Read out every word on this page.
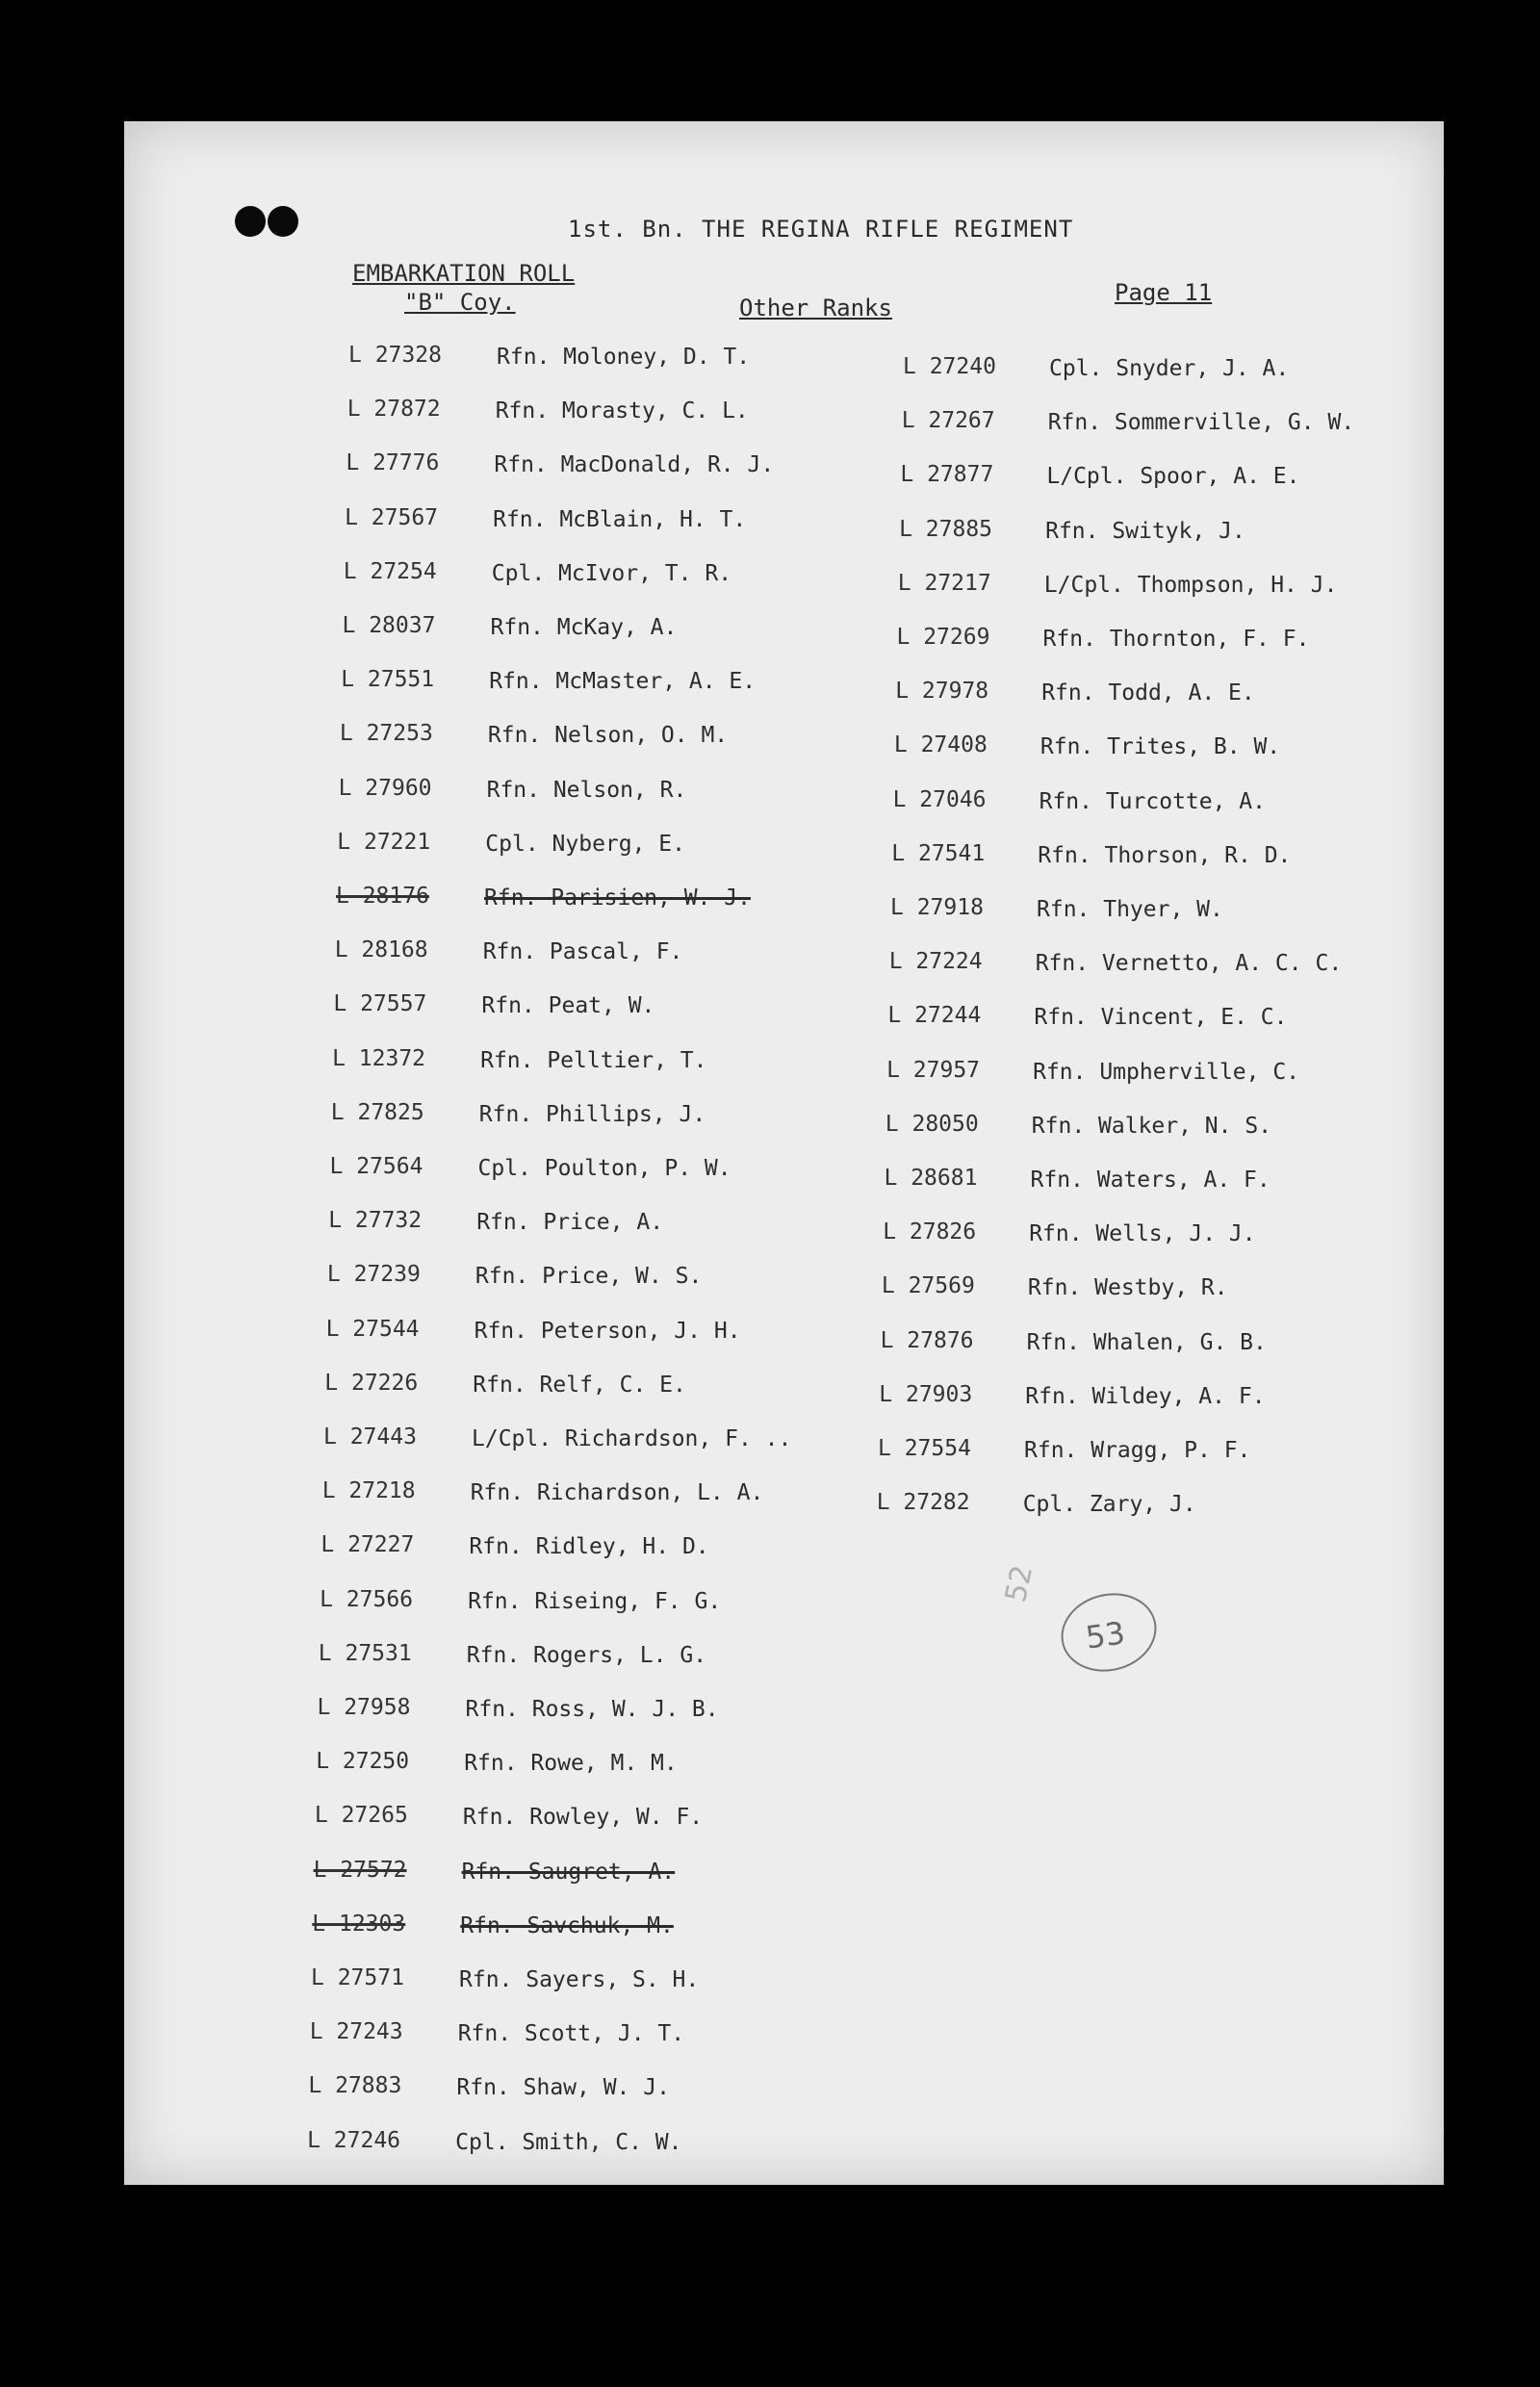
1st. Bn. THE REGINA RIFLE REGIMENT
EMBARKATION ROLL
"B" Coy.	Other Ranks
Page 11
L 27328 Rfn. Moloney, D. T.
L 27872 Rfn. Morasty, C. L.
L 27776 Rfn. MacDonald, R. J.
L 27567 Rfn. McBlain, H. T.
L 27254 Cpl. McIvor, T. R.
L 28037 Rfn. McKay, A.
L 27551 Rfn. McMaster, A. E.
L 27253 Rfn. Nelson, O. M.
L 27960 Rfn. Nelson, R.
L 27221 Cpl. Nyberg, E.
L 28176 Rfn. Parisien, W. J.
L 28168 Rfn. Pascal, F.
L 27557 Rfn. Peat, W.
L 12372 Rfn. Pelltier, T.
L 27825 Rfn. Phillips, J.
L 27564 Cpl. Poulton, P. W.
L 27732 Rfn. Price, A.
L 27239 Rfn. Price, W. S.
L 27544 Rfn. Peterson, J. H.
L 27226 Rfn. Relf, C. E.
L 27443 L/Cpl. Richardson, F. ..
L 27218 Rfn. Richardson, L. A.
L 27227 Rfn. Ridley, H. D.
L 27566 Rfn. Riseing, F. G.
L 27531 Rfn. Rogers, L. G.
L 27958 Rfn. Ross, W. J. B.
L 27250 Rfn. Rowe, M. M.
L 27265 Rfn. Rowley, W. F.
L 27572 Rfn. Saugret, A.
L 12303 Rfn. Savchuk, M.
L 27571 Rfn. Sayers, S. H.
L 27243 Rfn. Scott, J. T.
L 27883 Rfn. Shaw, W. J.
L 27246 Cpl. Smith, C. W.
L 27240 Cpl. Snyder, J. A.
L 27267 Rfn. Sommerville, G. W.
L 27877 L/Cpl. Spoor, A. E.
L 27885 Rfn. Swityk, J.
L 27217 L/Cpl. Thompson, H. J.
L 27269 Rfn. Thornton, F. F.
L 27978 Rfn. Todd, A. E.
L 27408 Rfn. Trites, B. W.
L 27046 Rfn. Turcotte, A.
L 27541 Rfn. Thorson, R. D.
L 27918 Rfn. Thyer, W.
L 27224 Rfn. Vernetto, A. C. C.
L 27244 Rfn. Vincent, E. C.
L 27957 Rfn. Umpherville, C.
L 28050 Rfn. Walker, N. S.
L 28681 Rfn. Waters, A. F.
L 27826 Rfn. Wells, J. J.
L 27569 Rfn. Westby, R.
L 27876 Rfn. Whalen, G. B.
L 27903 Rfn. Wildey, A. F.
L 27554 Rfn. Wragg, P. F.
L 27282 Cpl. Zary, J.
52
53
